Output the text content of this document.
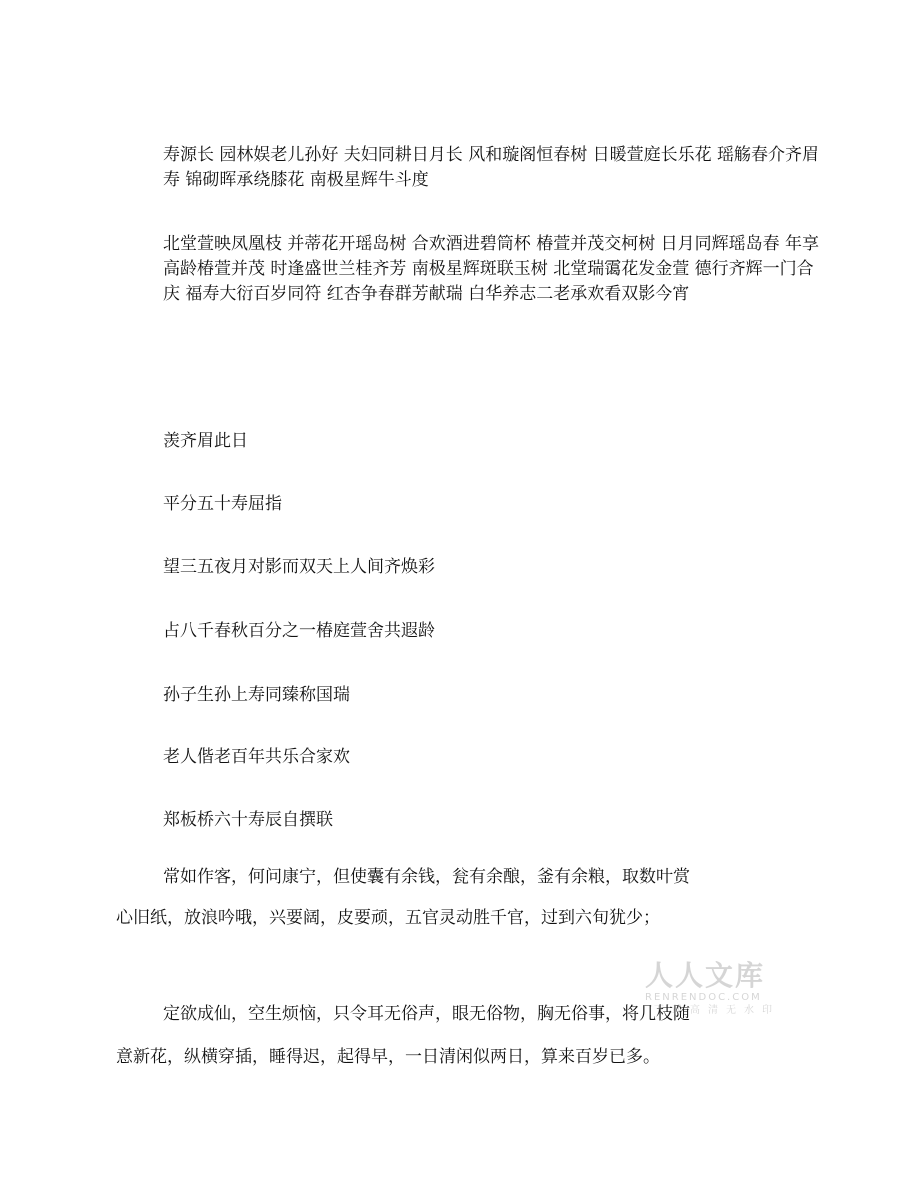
寿源长 园林娱老儿孙好 夫妇同耕日月长 风和璇阁恒春树 日暖萱庭长乐花 瑶觞春介齐眉寿 锦砌晖承绕膝花 南极星辉牛斗度
北堂萱映凤凰枝 并蒂花开瑶岛树 合欢酒进碧筒杯 椿萱并茂交柯树 日月同辉瑶岛春 年享高龄椿萱并茂 时逢盛世兰桂齐芳 南极星辉斑联玉树 北堂瑞霭花发金萱 德行齐辉一门合庆 福寿大衍百岁同符 红杏争春群芳献瑞 白华养志二老承欢看双影今宵
羡齐眉此日
平分五十寿屈指
望三五夜月对影而双天上人间齐焕彩
占八千春秋百分之一椿庭萱舍共遐龄
孙子生孙上寿同臻称国瑞
老人偕老百年共乐合家欢
郑板桥六十寿辰自撰联
常如作客，何问康宁，但使囊有余钱，瓮有余酿，釜有余粮，取数叶赏
心旧纸，放浪吟哦，兴要阔，皮要顽，五官灵动胜千官，过到六旬犹少；
定欲成仙，空生烦恼，只令耳无俗声，眼无俗物，胸无俗事，将几枝随
意新花，纵横穿插，睡得迟，起得早，一日清闲似两日，算来百岁已多。
人人文库
RENRENDOC.COM
下载高清无水印
